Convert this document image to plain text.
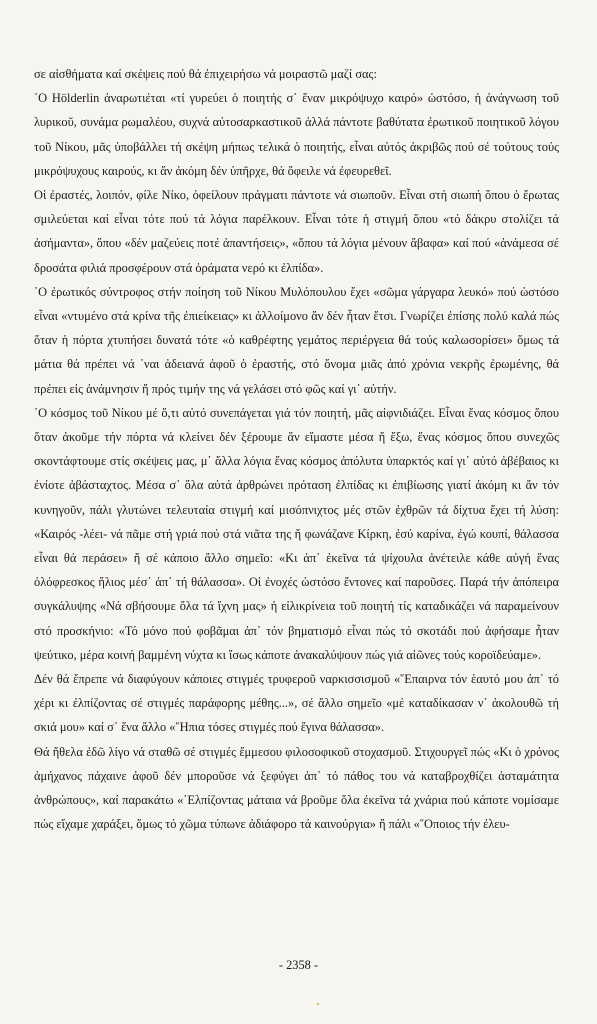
σε αἰσθήματα καί σκέψεις πού θά ἐπιχειρήσω νά μοιραστῶ μαζί σας:

῾Ο Hölderlin ἀναρωτιέται «τί γυρεύει ὁ ποιητής σ᾽ ἕναν μικρόψυχο καιρό» ὡστόσο, ἡ ἀνάγνωση τοῦ λυρικοῦ, συνάμα ρωμαλέου, συχνά αὐτοσαρκαστικοῦ ἀλλά πάντοτε βαθύτατα ἐρωτικοῦ ποιητικοῦ λόγου τοῦ Νίκου, μᾶς ὑποβάλλει τή σκέψη μήπως τελικά ὁ ποιητής, εἶναι αὐτός ἀκριβῶς πού σέ τούτους τούς μικρόψυχους καιρούς, κι ἄν ἀκόμη δέν ὑπῆρχε, θά ὄφειλε νά ἐφευρεθεῖ.

Οἱ ἐραστές, λοιπόν, φίλε Νίκο, ὀφείλουν πράγματι πάντοτε νά σιωποῦν. Εἶναι στή σιωπή ὅπου ὁ ἔρωτας σμιλεύεται καί εἶναι τότε πού τά λόγια παρέλκουν. Εἶναι τότε ἡ στιγμή ὅπου «τό δάκρυ στολίζει τά ἀσήμαντα», ὅπου «δέν μαζεύεις ποτέ ἀπαντήσεις», «ὅπου τά λόγια μένουν ἄβαφα» καί πού «ἀνάμεσα σέ δροσάτα φιλιά προσφέρουν στά ὁράματα νερό κι ἐλπίδα».

῾Ο ἐρωτικός σύντροφος στήν ποίηση τοῦ Νίκου Μυλόπουλου ἔχει «σῶμα γάργαρα λευκό» πού ὡστόσο εἶναι «ντυμένο στά κρίνα τῆς ἐπιείκειας» κι ἀλλοίμονο ἄν δέν ἦταν ἔτσι. Γνωρίζει ἐπίσης πολύ καλά πώς ὅταν ἡ πόρτα χτυπήσει δυνατά τότε «ὁ καθρέφτης γεμάτος περιέργεια θά τούς καλωσορίσει» ὅμως τά μάτια θά πρέπει νά ᾽ναι ἀδειανά ἀφοῦ ὁ ἐραστής, στό ὄνομα μιᾶς ἀπό χρόνια νεκρῆς ἐρωμένης, θά πρέπει εἰς ἀνάμνησιν ἤ πρός τιμήν της νά γελάσει στό φῶς καί γι᾽ αὐτήν.

῾Ο κόσμος τοῦ Νίκου μέ ὅ,τι αὐτό συνεπάγεται γιά τόν ποιητή, μᾶς αἰφνιδιάζει. Εἶναι ἕνας κόσμος ὅπου ὅταν ἀκοῦμε τήν πόρτα νά κλείνει δέν ξέρουμε ἄν εἴμαστε μέσα ἤ ἔξω, ἕνας κόσμος ὅπου συνεχῶς σκοντάφτουμε στίς σκέψεις μας, μ᾽ ἄλλα λόγια ἕνας κόσμος ἀπόλυτα ὑπαρκτός καί γι᾽ αὐτό ἀβέβαιος κι ἐνίοτε ἀβάσταχτος. Μέσα σ᾽ ὅλα αὐτά ἀρθρώνει πρόταση ἐλπίδας κι ἐπιβίωσης γιατί ἀκόμη κι ἄν τόν κυνηγοῦν, πάλι γλυτώνει τελευταία στιγμή καί μισόπνιχτος μές στῶν ἐχθρῶν τά δίχτυα ἔχει τή λύση: «Καιρός -λέει- νά πᾶμε στή γριά πού στά νιᾶτα της ἤ φωνάζανε Κίρκη, ἐσύ καρίνα, ἐγώ κουπί, θάλασσα εἶναι θά περάσει» ἤ σέ κάποιο ἄλλο σημεῖο: «Κι ἀπ᾽ ἐκεῖνα τά ψίχουλα ἀνέτειλε κάθε αὐγή ἕνας ὁλόφρεσκος ἥλιος μέσ᾽ ἀπ᾽ τή θάλασσα». Οἱ ἐνοχές ὡστόσο ἔντονες καί παροῦσες. Παρά τήν ἀπόπειρα συγκάλυψης «Νά σβήσουμε ὅλα τά ἴχνη μας» ἡ εἰλικρίνεια τοῦ ποιητή τίς καταδικάζει νά παραμείνουν στό προσκήνιο: «Τό μόνο πού φοβᾶμαι ἀπ᾽ τόν βηματισμό εἶναι πώς τό σκοτάδι πού ἀφήσαμε ἦταν ψεύτικο, μέρα κοινή βαμμένη νύχτα κι ἴσως κάποτε ἀνακαλύψουν πώς γιά αἰῶνες τούς κοροϊδεύαμε».

Δέν θά ἔπρεπε νά διαφύγουν κάποιες στιγμές τρυφεροῦ ναρκισσισμοῦ «῞Επαιρνα τόν ἑαυτό μου ἀπ᾽ τό χέρι κι ἐλπίζοντας σέ στιγμές παράφορης μέθης...», σέ ἄλλο σημεῖο «μέ καταδίκασαν ν᾽ ἀκολουθῶ τή σκιά μου» καί σ᾽ ἕνα ἄλλο «῞Ηπια τόσες στιγμές πού ἔγινα θάλασσα».

Θά ἤθελα ἐδῶ λίγο νά σταθῶ σέ στιγμές ἔμμεσου φιλοσοφικοῦ στοχασμοῦ. Στιχουργεῖ πώς «Κι ὁ χρόνος ἀμήχανος πάχαινε ἀφοῦ δέν μποροῦσε νά ξεφύγει ἀπ᾽ τό πάθος του νά καταβροχθίζει ἀσταμάτητα ἀνθρώπους», καί παρακάτω «᾽Ελπίζοντας μάταια νά βροῦμε ὅλα ἐκεῖνα τά χνάρια πού κάποτε νομίσαμε πώς εἴχαμε χαράξει, ὅμως τό χῶμα τύπωνε ἀδιάφορο τά καινούργια» ἤ πάλι «῞Οποιος τήν ἐλευ-

- 2358 -
